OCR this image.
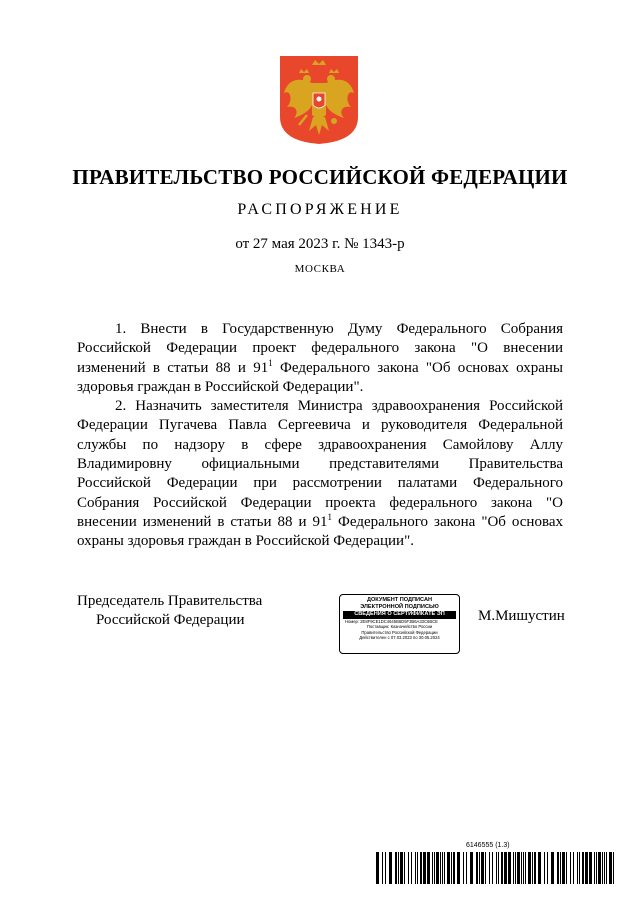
ПРАВИТЕЛЬСТВО РОССИЙСКОЙ ФЕДЕРАЦИИ
РАСПОРЯЖЕНИЕ
от 27 мая 2023 г. № 1343-р
МОСКВА

1. Внести в Государственную Думу Федерального Собрания Российской Федерации проект федерального закона "О внесении изменений в статьи 88 и $91^1$ Федерального закона "Об основах охраны здоровья граждан в Российской Федерации".

2. Назначить заместителя Министра здравоохранения Российской Федерации Пугачева Павла Сергеевича и руководителя Федеральной службы по надзору в сфере здравоохранения Самойлову Аллу Владимировну официальными представителями Правительства Российской Федерации при рассмотрении палатами Федерального Собрания Российской Федерации проекта федерального закона "О внесении изменений в статьи 88 и $91^1$ Федерального закона "Об основах охраны здоровья граждан в Российской Федерации".

Председатель Правительства
Российской Федерации
ДОКУМЕНТ ПОДПИСАН
ЭЛЕКТРОННОЙ ПОДПИСЬЮ
СВЕДЕНИЯ О СЕРТИФИКАТЕ ЭП
Номер: 2E8F9CE1DC4645B6D5F3B6A33C6BCE
Поставщик: Казначейство России
Правительство Российской Федерации
Действителен с 07.03.2023 по 30.05.2024
М.Мишустин
6146555 (1.3)
